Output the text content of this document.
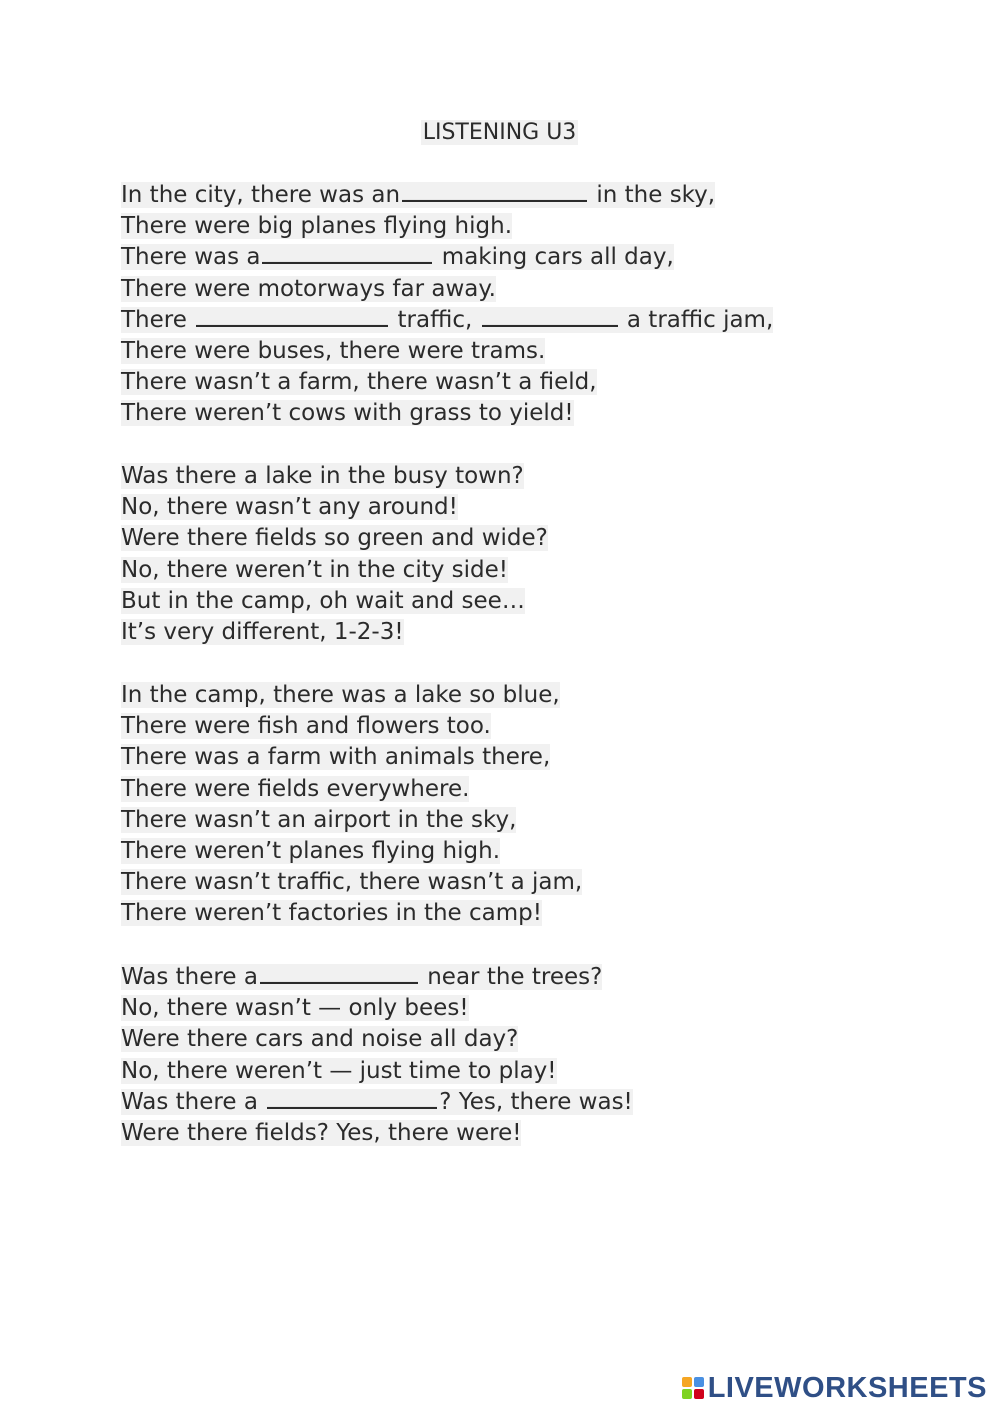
LISTENING U3
In the city, there was an	in the sky,
There were big planes flying high.
There was a	making cars all day,
There were motorways far away.
There	traffic,	a traffic jam,
There were buses, there were trams.
There wasn’t a farm, there wasn’t a field,
There weren’t cows with grass to yield!
Was there a lake in the busy town?
No, there wasn’t any around!
Were there fields so green and wide?
No, there weren’t in the city side!
But in the camp, oh wait and see…
It’s very different, 1-2-3!
In the camp, there was a lake so blue,
There were fish and flowers too.
There was a farm with animals there,
There were fields everywhere.
There wasn’t an airport in the sky,
There weren’t planes flying high.
There wasn’t traffic, there wasn’t a jam,
There weren’t factories in the camp!
Was there a	near the trees?
No, there wasn’t — only bees!
Were there cars and noise all day?
No, there weren’t — just time to play!
Was there a	? Yes, there was!
Were there fields? Yes, there were!
LIVEWORKSHEETS
